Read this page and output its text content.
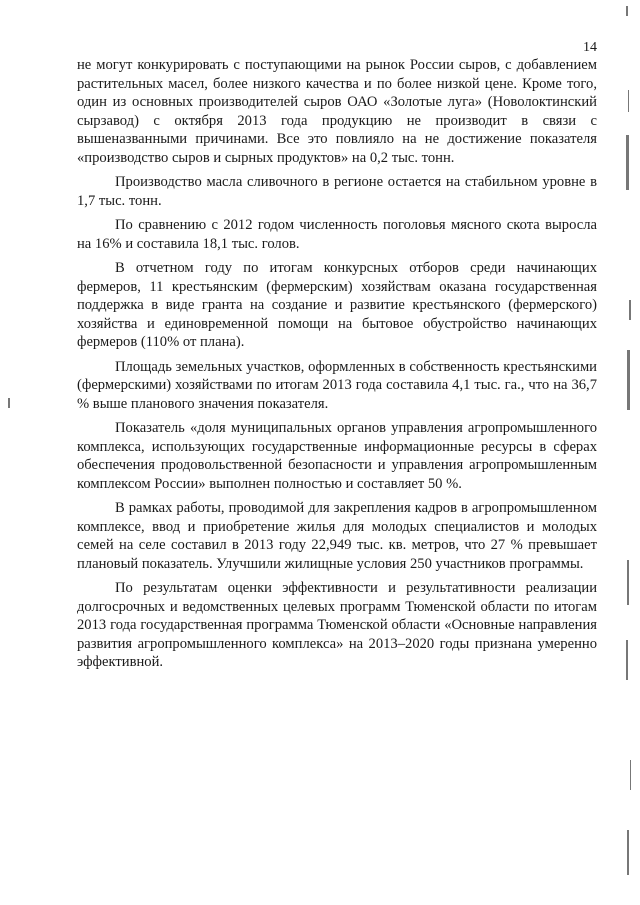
14

не могут конкурировать с поступающими на рынок России сыров, с добавлением растительных масел, более низкого качества и по более низкой цене. Кроме того, один из основных производителей сыров ОАО «Золотые луга» (Новолоктинский сырзавод) с октября 2013 года продукцию не производит в связи с вышеназванными причинами. Все это повлияло на не достижение показателя «производство сыров и сырных продуктов» на 0,2 тыс. тонн.

Производство масла сливочного в регионе остается на стабильном уровне в 1,7 тыс. тонн.

По сравнению с 2012 годом численность поголовья мясного скота выросла на 16% и составила 18,1 тыс. голов.

В отчетном году по итогам конкурсных отборов среди начинающих фермеров, 11 крестьянским (фермерским) хозяйствам оказана государственная поддержка в виде гранта на создание и развитие крестьянского (фермерского) хозяйства и единовременной помощи на бытовое обустройство начинающих фермеров (110% от плана).

Площадь земельных участков, оформленных в собственность крестьянскими (фермерскими) хозяйствами по итогам 2013 года составила 4,1 тыс. га., что на 36,7 % выше планового значения показателя.

Показатель «доля муниципальных органов управления агропромышленного комплекса, использующих государственные информационные ресурсы в сферах обеспечения продовольственной безопасности и управления агропромышленным комплексом России» выполнен полностью и составляет 50 %.

В рамках работы, проводимой для закрепления кадров в агропромышленном комплексе, ввод и приобретение жилья для молодых специалистов и молодых семей на селе составил в 2013 году 22,949 тыс. кв. метров, что 27 % превышает плановый показатель. Улучшили жилищные условия 250 участников программы.

По результатам оценки эффективности и результативности реализации долгосрочных и ведомственных целевых программ Тюменской области по итогам 2013 года государственная программа Тюменской области «Основные направления развития агропромышленного комплекса» на 2013–2020 годы признана умеренно эффективной.
